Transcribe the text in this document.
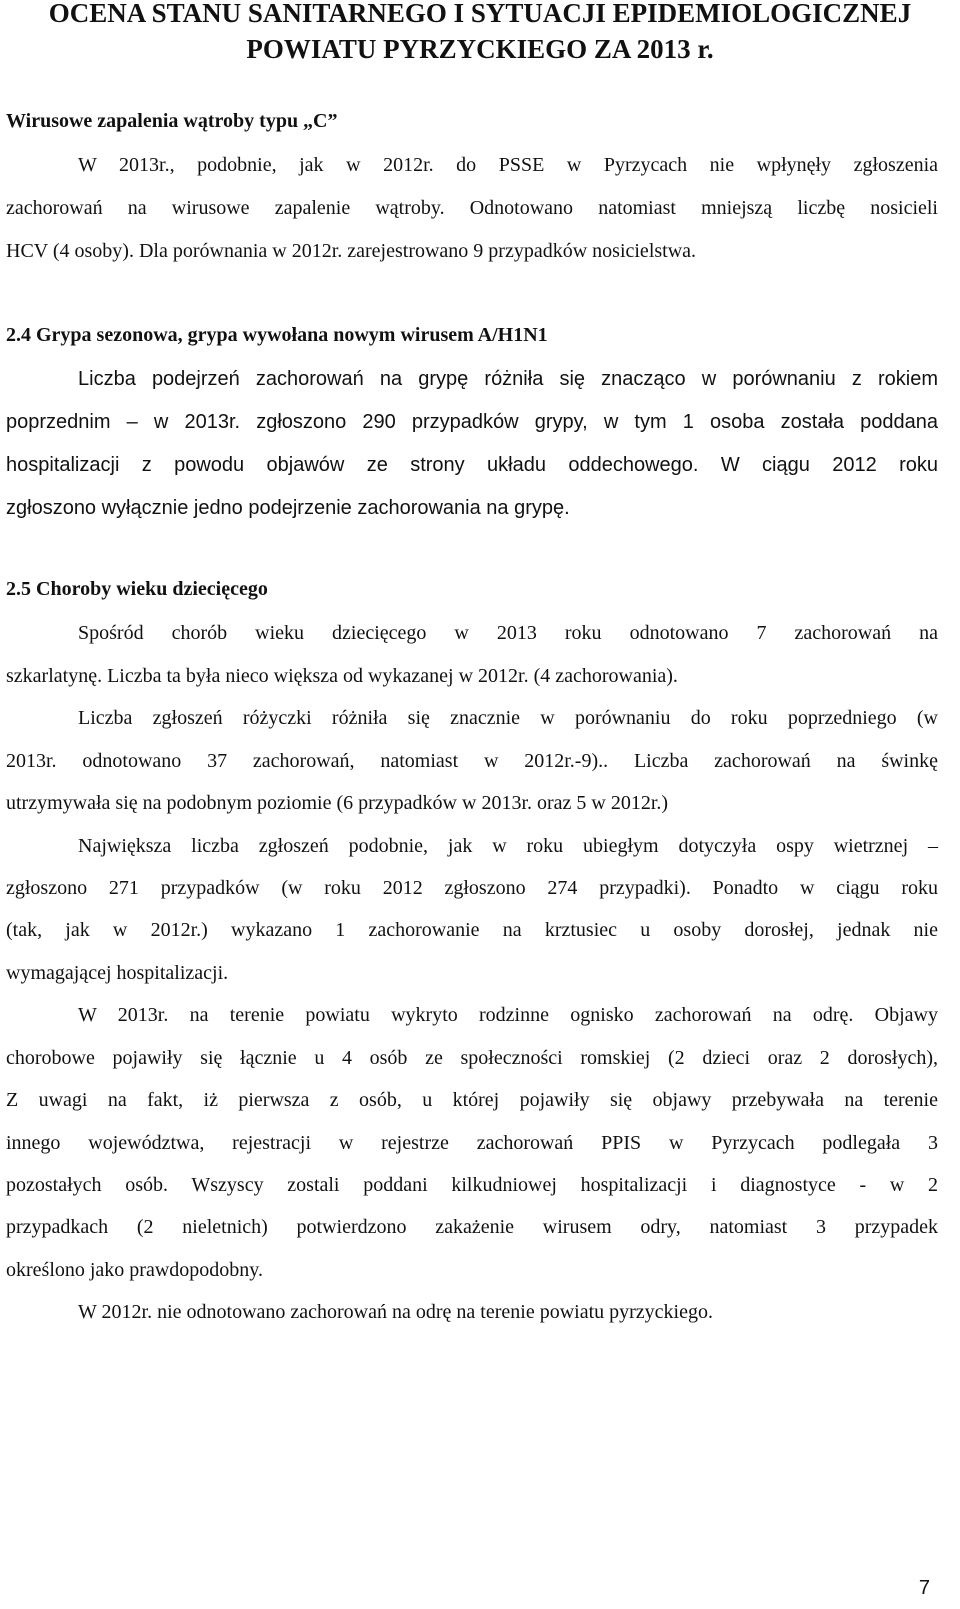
OCENA STANU SANITARNEGO I SYTUACJI EPIDEMIOLOGICZNEJ
POWIATU PYRZYCKIEGO ZA 2013 r.
Wirusowe zapalenia wątroby typu „C”
W 2013r., podobnie, jak w 2012r. do PSSE w Pyrzycach nie wpłynęły zgłoszenia
zachorowań na wirusowe zapalenie wątroby. Odnotowano natomiast mniejszą liczbę nosicieli
HCV (4 osoby). Dla porównania w 2012r. zarejestrowano 9 przypadków nosicielstwa.
2.4 Grypa sezonowa, grypa wywołana nowym wirusem A/H1N1
Liczba podejrzeń zachorowań na grypę różniła się znacząco w porównaniu z rokiem
poprzednim – w 2013r. zgłoszono 290 przypadków grypy, w tym 1 osoba została poddana
hospitalizacji z powodu objawów ze strony układu oddechowego. W ciągu 2012 roku
zgłoszono wyłącznie jedno podejrzenie zachorowania na grypę.
2.5 Choroby wieku dziecięcego
Spośród chorób wieku dziecięcego w 2013 roku odnotowano 7 zachorowań na
szkarlatynę. Liczba ta była nieco większa od wykazanej w 2012r. (4 zachorowania).
Liczba zgłoszeń różyczki różniła się znacznie w porównaniu do roku poprzedniego (w
2013r. odnotowano 37 zachorowań, natomiast w 2012r.-9).. Liczba zachorowań na świnkę
utrzymywała się na podobnym poziomie (6 przypadków w 2013r. oraz 5 w 2012r.)
Największa liczba zgłoszeń podobnie, jak w roku ubiegłym dotyczyła ospy wietrznej –
zgłoszono 271 przypadków (w roku 2012 zgłoszono 274 przypadki). Ponadto w ciągu roku
(tak, jak w 2012r.) wykazano 1 zachorowanie na krztusiec u osoby dorosłej, jednak nie
wymagającej hospitalizacji.
W 2013r. na terenie powiatu wykryto rodzinne ognisko zachorowań na odrę. Objawy
chorobowe pojawiły się łącznie u 4 osób ze społeczności romskiej (2 dzieci oraz 2 dorosłych),
Z uwagi na fakt, iż pierwsza z osób, u której pojawiły się objawy przebywała na terenie
innego województwa, rejestracji w rejestrze zachorowań PPIS w Pyrzycach podlegała 3
pozostałych osób. Wszyscy zostali poddani kilkudniowej hospitalizacji i diagnostyce - w 2
przypadkach (2 nieletnich) potwierdzono zakażenie wirusem odry, natomiast 3 przypadek
określono jako prawdopodobny.
W 2012r. nie odnotowano zachorowań na odrę na terenie powiatu pyrzyckiego.
7
